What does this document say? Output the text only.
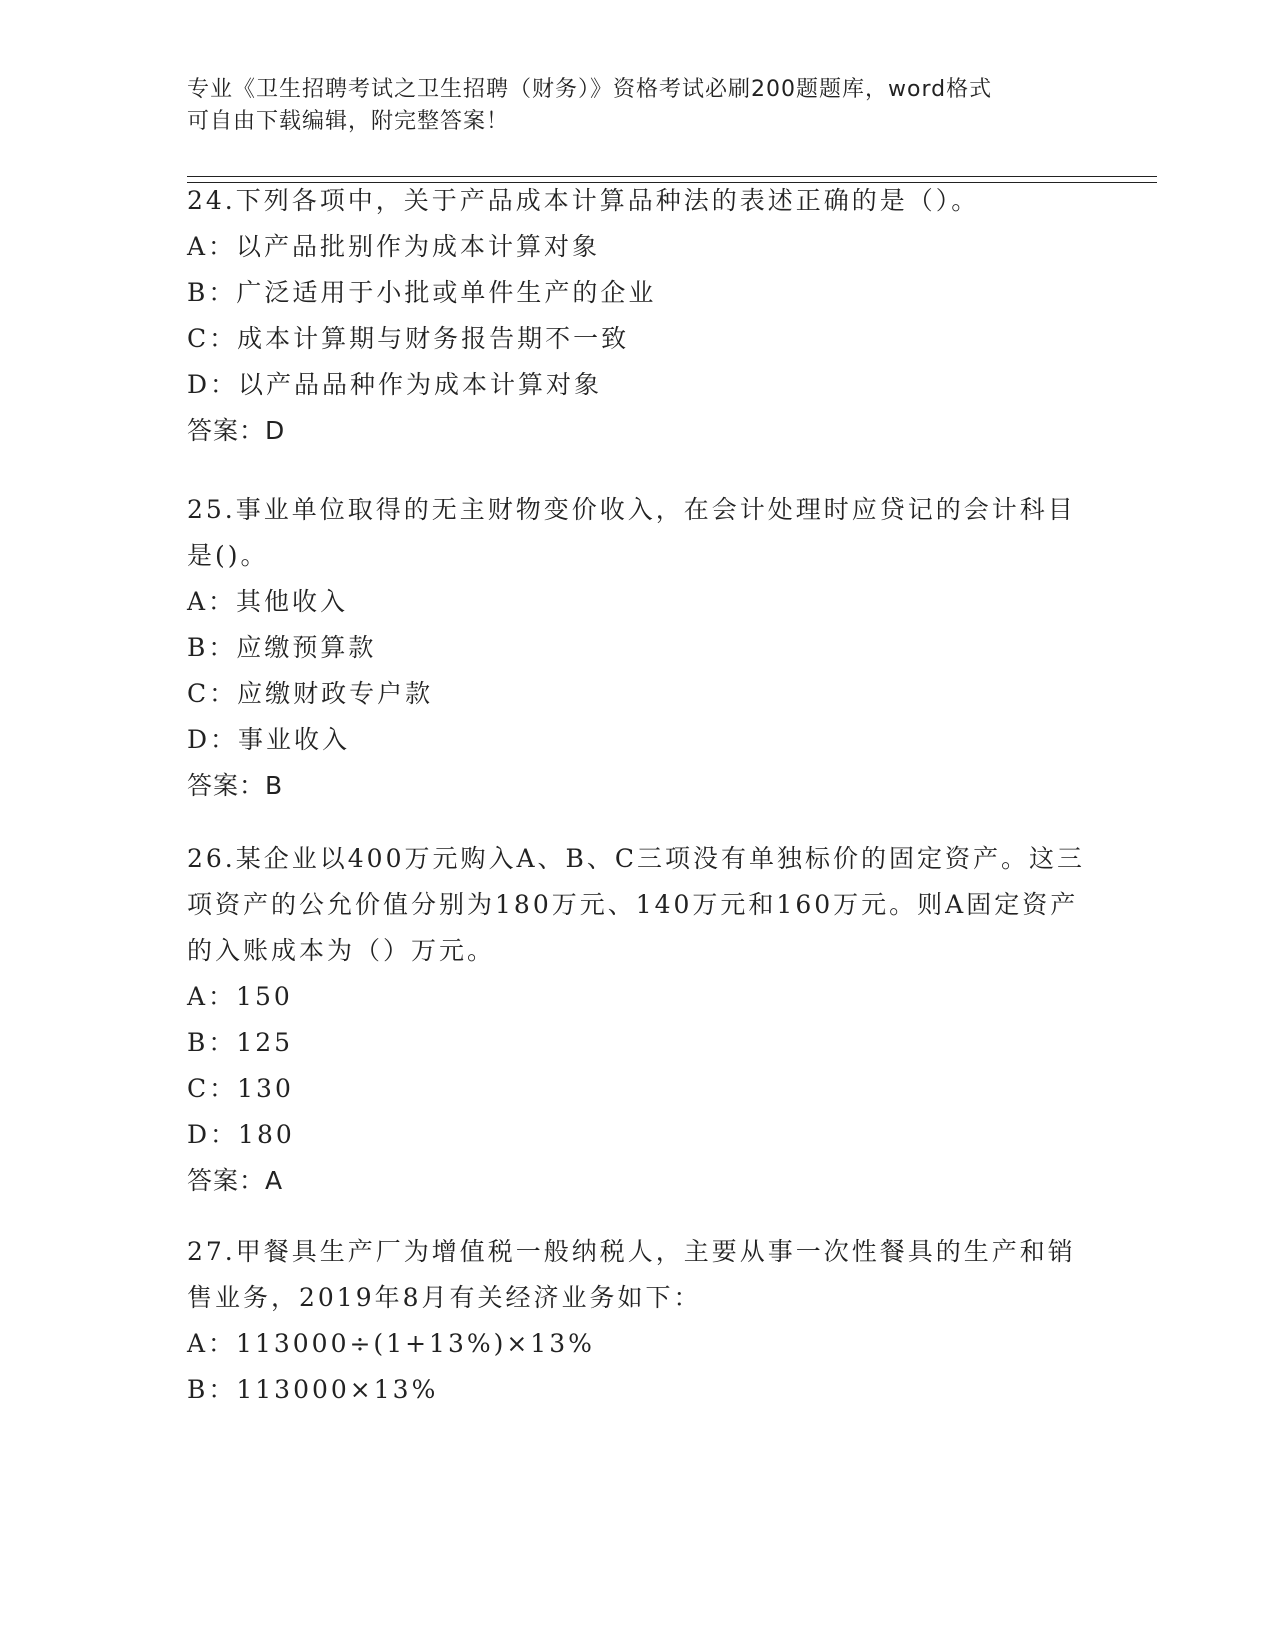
专业《卫生招聘考试之卫生招聘（财务）》资格考试必刷200题题库，word格式
可自由下载编辑，附完整答案！
24.下列各项中，关于产品成本计算品种法的表述正确的是（）。
A：以产品批别作为成本计算对象
B：广泛适用于小批或单件生产的企业
C：成本计算期与财务报告期不一致
D：以产品品种作为成本计算对象
答案：D
25.事业单位取得的无主财物变价收入，在会计处理时应贷记的会计科目是()。
A：其他收入
B：应缴预算款
C：应缴财政专户款
D：事业收入
答案：B
26.某企业以400万元购入A、B、C三项没有单独标价的固定资产。这三项资产的公允价值分别为180万元、140万元和160万元。则A固定资产的入账成本为（）万元。
A：150
B：125
C：130
D：180
答案：A
27.甲餐具生产厂为增值税一般纳税人，主要从事一次性餐具的生产和销售业务，2019年8月有关经济业务如下：
A：113000÷(1+13%)×13%
B：113000×13%
